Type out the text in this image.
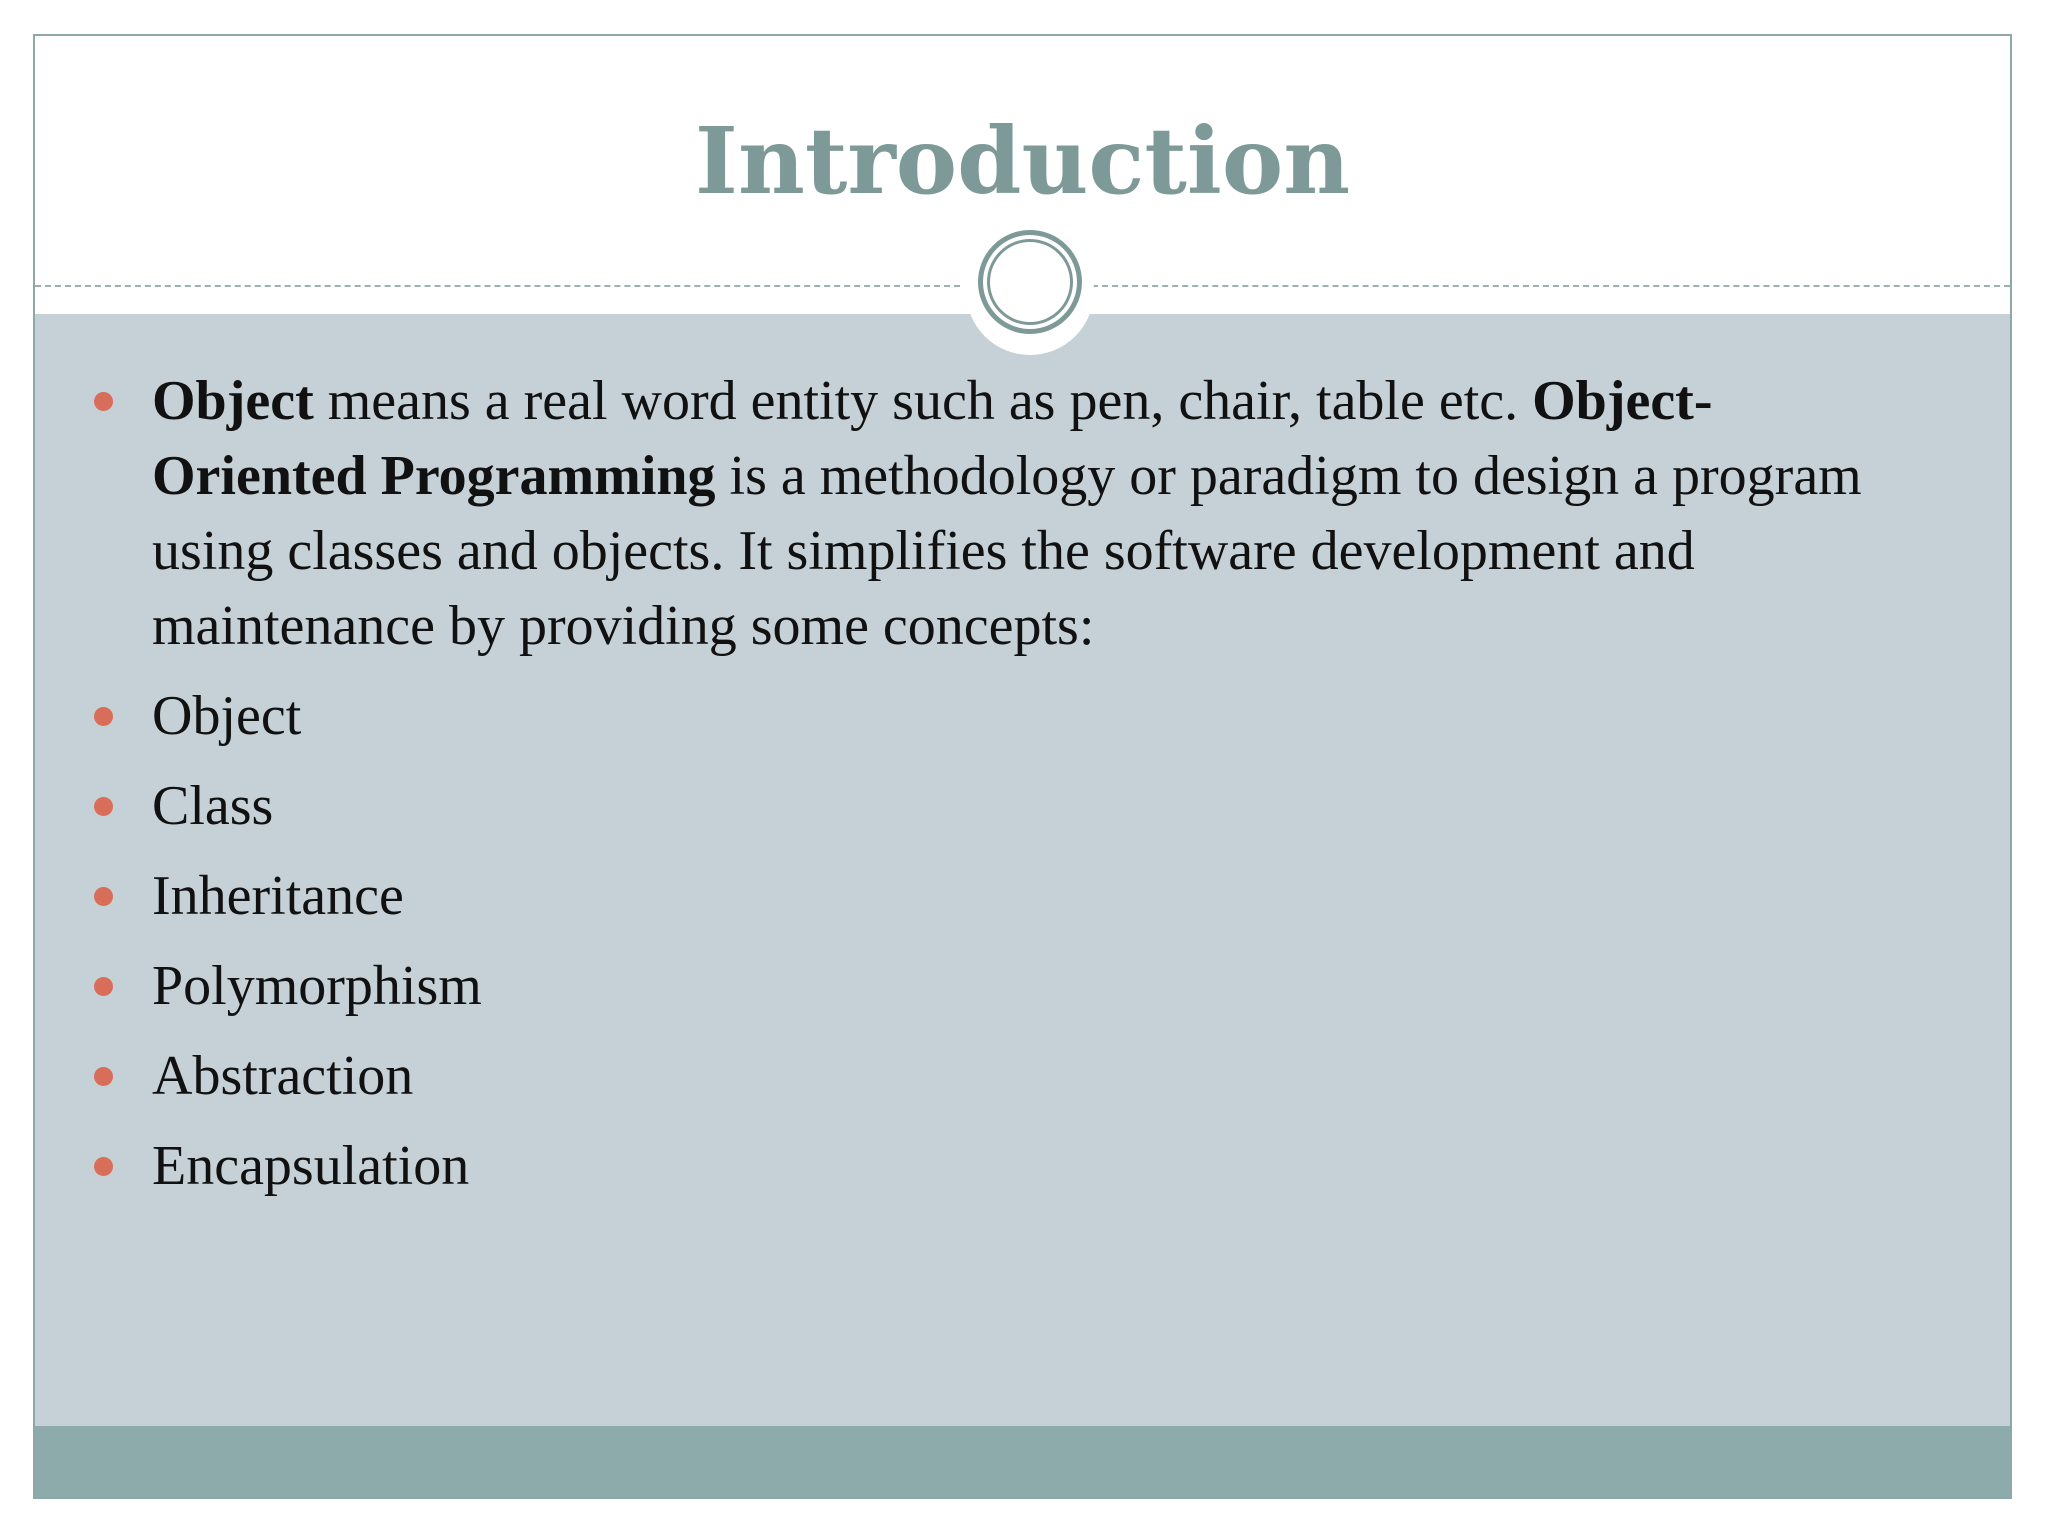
Introduction
Object means a real word entity such as pen, chair, table etc. Object-Oriented Programming is a methodology or paradigm to design a program using classes and objects. It simplifies the software development and maintenance by providing some concepts:
Object
Class
Inheritance
Polymorphism
Abstraction
Encapsulation
